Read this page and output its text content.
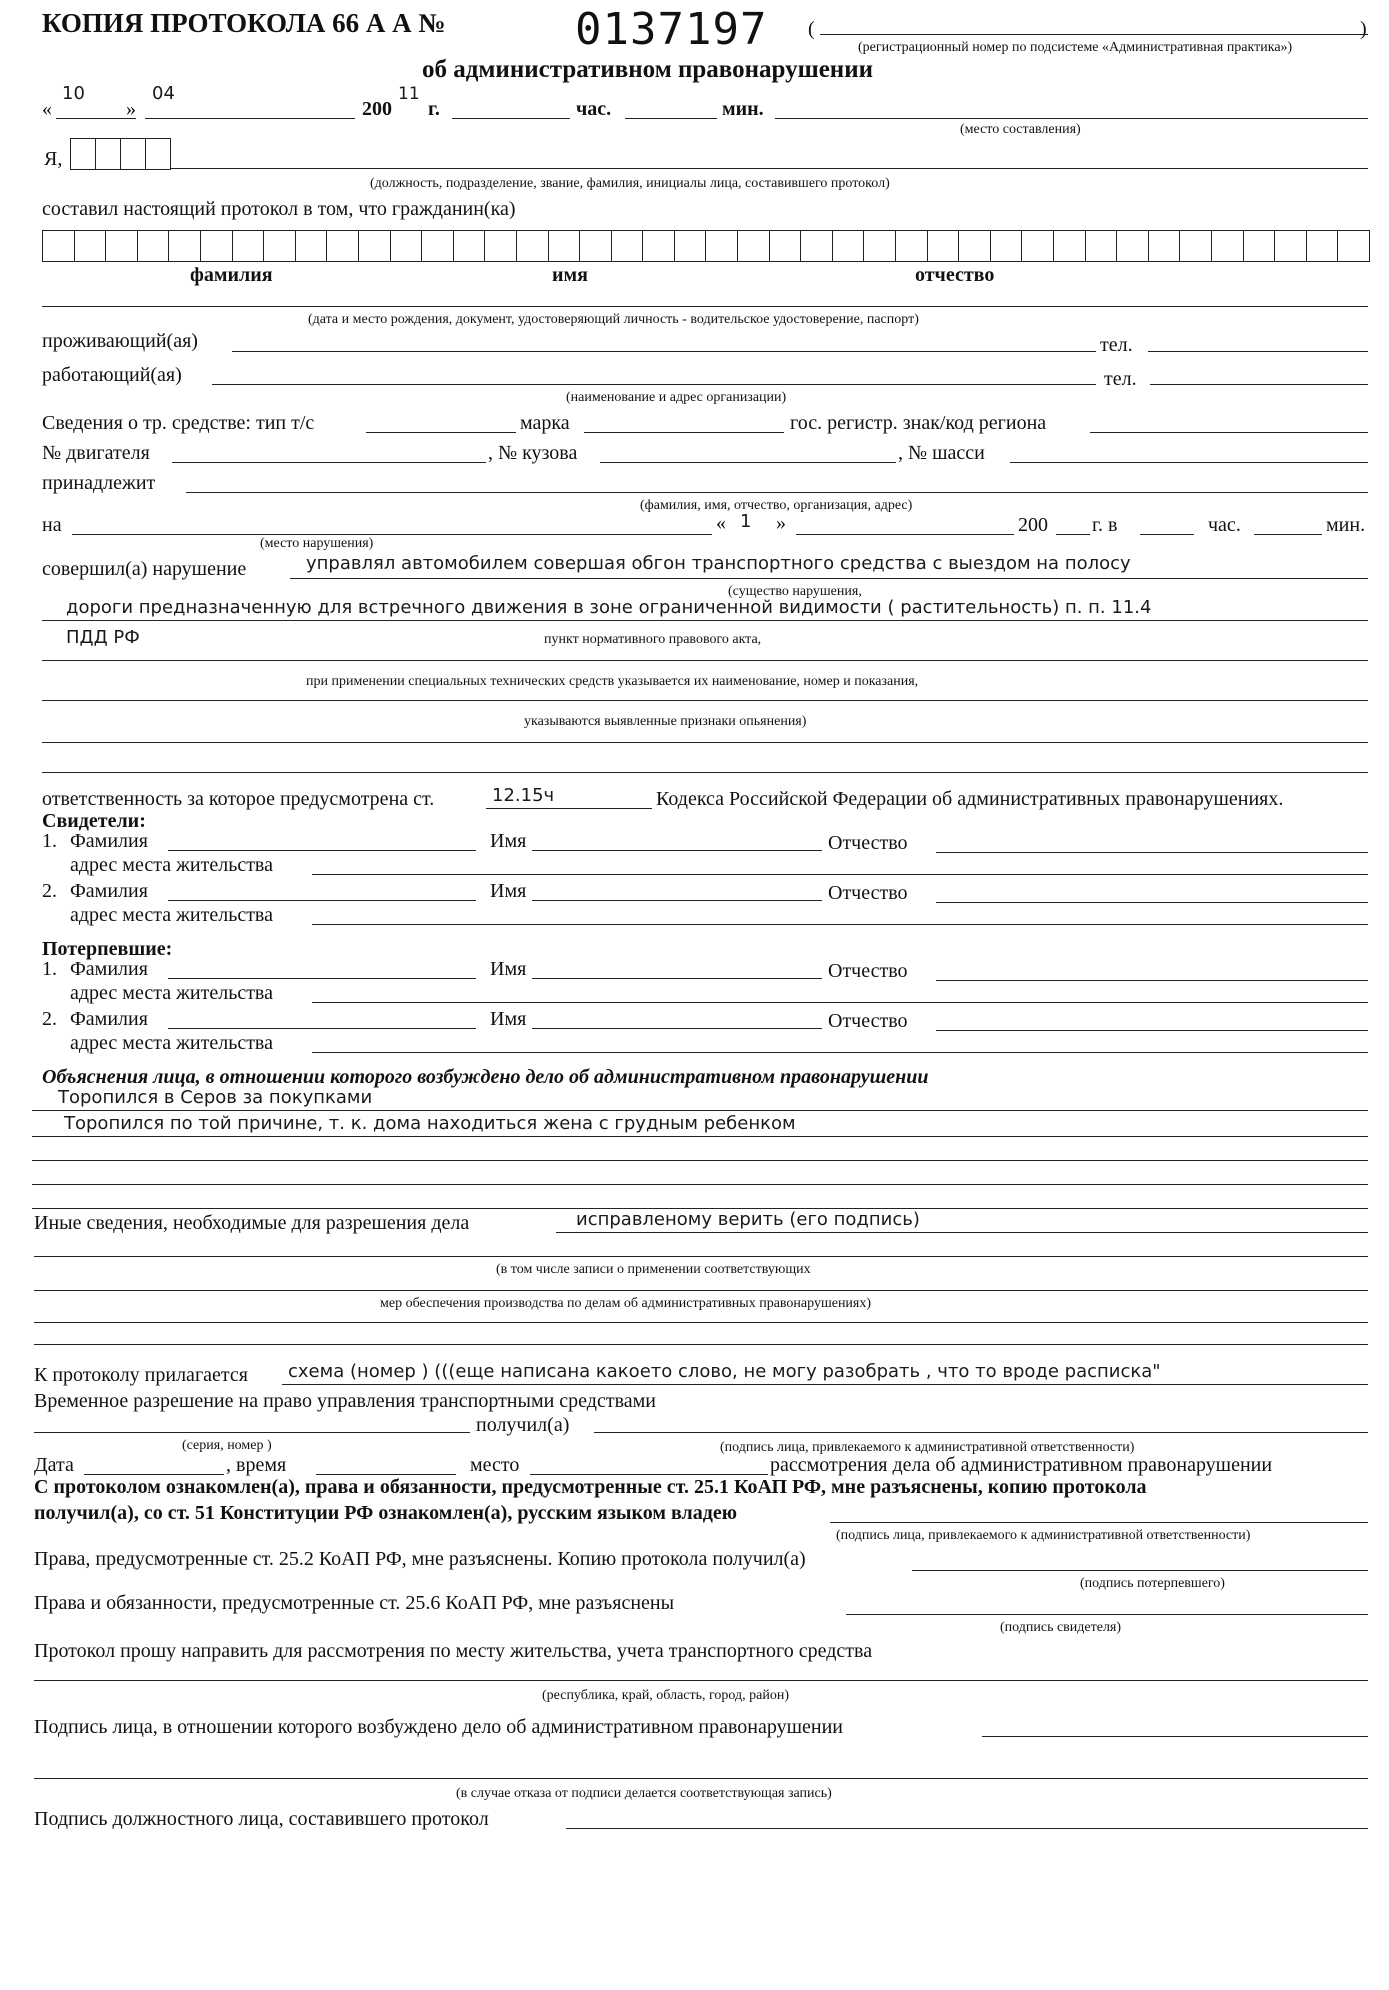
КОПИЯ ПРОТОКОЛА 66 А А №	0137197 (	)
(регистрационный номер по подсистеме «Административная практика»)
об административном правонарушении
«
10
»
04
200
11
г.	час.	мин.
(место составления)
Я,
(должность, подразделение, звание, фамилия, инициалы лица, составившего протокол)
составил настоящий протокол в том, что гражданин(ка)
фамилия	имя	отчество
(дата и место рождения, документ, удостоверяющий личность - водительское удостоверение, паспорт)
проживающий(ая)	тел.
работающий(ая)	тел.
(наименование и адрес организации)
Сведения о тр. средстве: тип т/с	марка	гос. регистр. знак/код региона
№ двигателя	, № кузова	, № шасси
принадлежит
(фамилия, имя, отчество, организация, адрес)
на	« 1 »	200 г. в	час.	мин.
(место нарушения)
совершил(а) нарушение	управлял автомобилем совершая обгон транспортного средства с выездом на полосу
(существо нарушения,
дороги предназначенную для встречного движения в зоне ограниченной видимости ( растительность) п. п. 11.4
ПДД РФ	пункт нормативного правового акта,
при применении специальных технических средств указывается их наименование, номер и показания,
указываются выявленные признаки опьянения)
ответственность за которое предусмотрена ст.	12.15ч	Кодекса Российской Федерации об административных правонарушениях.
Свидетели:
1. Фамилия	Имя	Отчество
адрес места жительства
2. Фамилия	Имя	Отчество
адрес места жительства
Потерпевшие:
1. Фамилия	Имя	Отчество
адрес места жительства
2. Фамилия	Имя	Отчество
адрес места жительства
Объяснения лица, в отношении которого возбуждено дело об административном правонарушении
Торопился в Серов за покупками
Торопился по той причине, т. к. дома находиться жена с грудным ребенком
Иные сведения, необходимые для разрешения дела	исправленому верить (его подпись)
(в том числе записи о применении соответствующих
мер обеспечения производства по делам об административных правонарушениях)
К протоколу прилагается схема (номер ) (((еще написана какоето слово, не могу разобрать , что то вроде расписка"
Временное разрешение на право управления транспортными средствами
получил(а)
(серия, номер )	(подпись лица, привлекаемого к административной ответственности)
Дата	, время	место	рассмотрения дела об административном правонарушении
С протоколом ознакомлен(а), права и обязанности, предусмотренные ст. 25.1 КоАП РФ, мне разъяснены, копию протокола
получил(а), со ст. 51 Конституции РФ ознакомлен(а), русским языком владею
(подпись лица, привлекаемого к административной ответственности)
Права, предусмотренные ст. 25.2 КоАП РФ, мне разъяснены. Копию протокола получил(а)
(подпись потерпевшего)
Права и обязанности, предусмотренные ст. 25.6 КоАП РФ, мне разъяснены
(подпись свидетеля)
Протокол прошу направить для рассмотрения по месту жительства, учета транспортного средства
(республика, край, область, город, район)
Подпись лица, в отношении которого возбуждено дело об административном правонарушении
(в случае отказа от подписи делается соответствующая запись)
Подпись должностного лица, составившего протокол
